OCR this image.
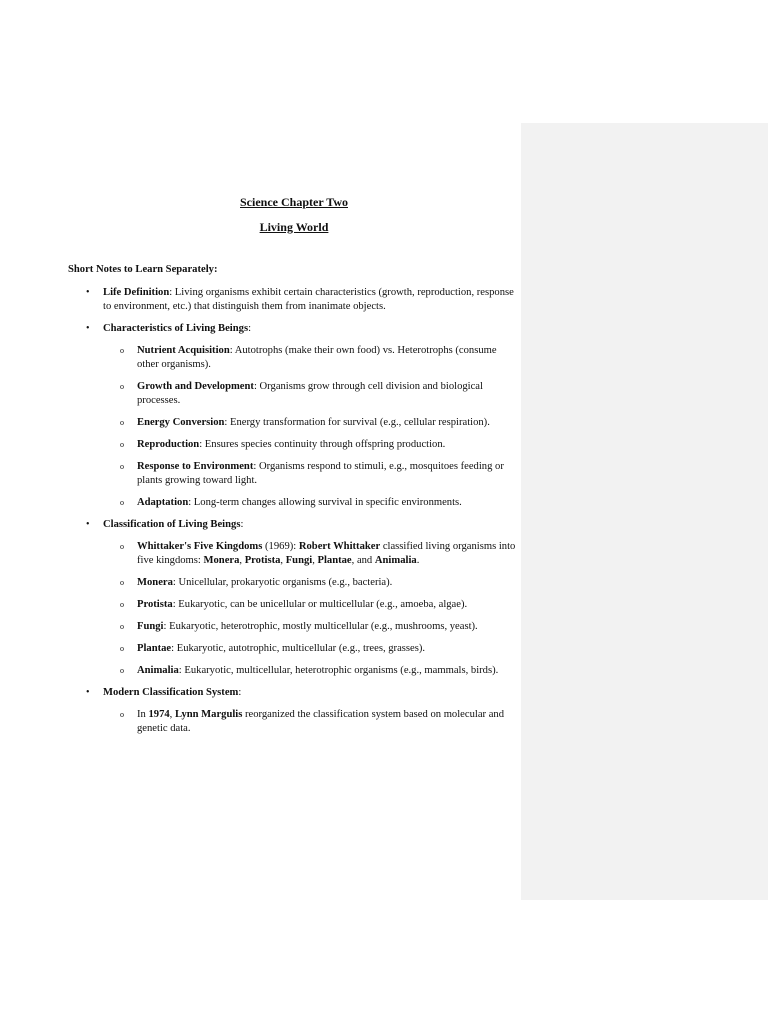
Science Chapter Two

Living World

Short Notes to Learn Separately:

• Life Definition: Living organisms exhibit certain characteristics (growth, reproduction, response to environment, etc.) that distinguish them from inanimate objects.
• Characteristics of Living Beings:
o Nutrient Acquisition: Autotrophs (make their own food) vs. Heterotrophs (consume other organisms).
o Growth and Development: Organisms grow through cell division and biological processes.
o Energy Conversion: Energy transformation for survival (e.g., cellular respiration).
o Reproduction: Ensures species continuity through offspring production.
o Response to Environment: Organisms respond to stimuli, e.g., mosquitoes feeding or plants growing toward light.
o Adaptation: Long-term changes allowing survival in specific environments.
• Classification of Living Beings:
o Whittaker's Five Kingdoms (1969): Robert Whittaker classified living organisms into five kingdoms: Monera, Protista, Fungi, Plantae, and Animalia.
o Monera: Unicellular, prokaryotic organisms (e.g., bacteria).
o Protista: Eukaryotic, can be unicellular or multicellular (e.g., amoeba, algae).
o Fungi: Eukaryotic, heterotrophic, mostly multicellular (e.g., mushrooms, yeast).
o Plantae: Eukaryotic, autotrophic, multicellular (e.g., trees, grasses).
o Animalia: Eukaryotic, multicellular, heterotrophic organisms (e.g., mammals, birds).
• Modern Classification System:
o In 1974, Lynn Margulis reorganized the classification system based on molecular and genetic data.
